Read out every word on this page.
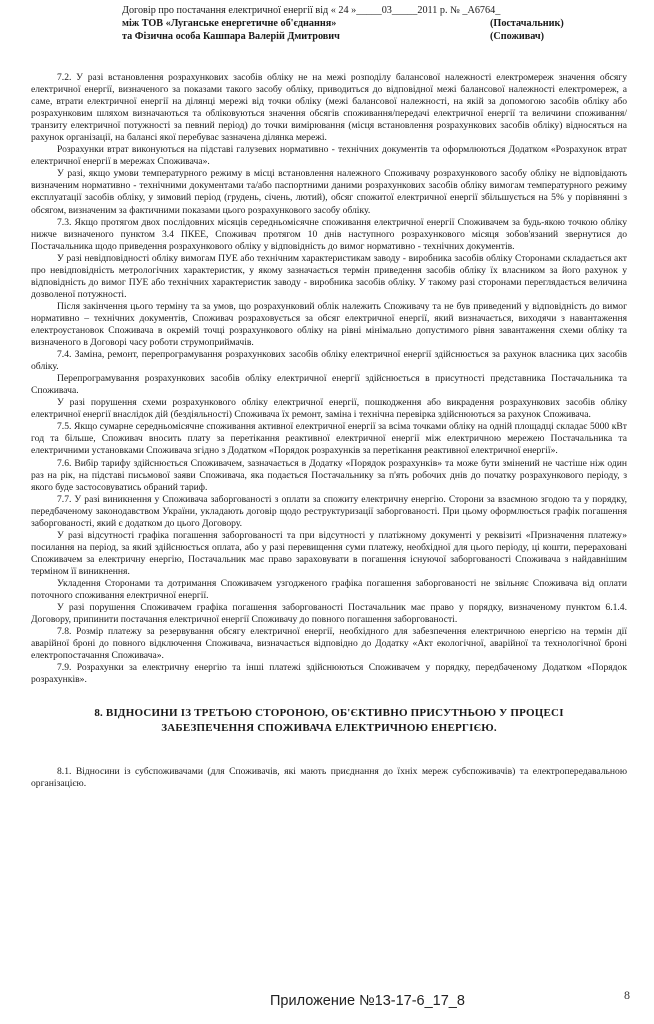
Договір про постачання електричної енергії від « 24 »_____03_____2011 р. № _А6764_
між ТОВ «Луганське енергетичне об'єднання»	(Постачальник)
та Фізична особа Кашпара Валерій Дмитрович	(Споживач)

7.2. У разі встановлення розрахункових засобів обліку не на межі розподілу балансової належності електромереж значення обсягу електричної енергії, визначеного за показами такого засобу обліку, приводиться до відповідної межі балансової належності електромереж, а саме, втрати електричної енергії на ділянці мережі від точки обліку (межі балансової належності, на якій за допомогою засобів обліку або розрахунковим шляхом визначаються та обліковуються значення обсягів споживання/передачі електричної енергії та величини споживання/транзиту електричної потужності за певний період) до точки вимірювання (місця встановлення розрахункових засобів обліку) відносяться на рахунок організації, на балансі якої перебуває зазначена ділянка мережі.

Розрахунки втрат виконуються на підставі галузевих нормативно - технічних документів та оформлюються Додатком «Розрахунок втрат електричної енергії в мережах Споживача».

У разі, якщо умови температурного режиму в місці встановлення належного Споживачу розрахункового засобу обліку не відповідають визначеним нормативно - технічними документами та/або паспортними даними розрахункових засобів обліку вимогам температурного режиму експлуатації засобів обліку, у зимовий період (грудень, січень, лютий), обсяг спожитої електричної енергії збільшується на 5% у порівнянні з обсягом, визначеним за фактичними показами цього розрахункового засобу обліку.

7.3. Якщо протягом двох послідовних місяців середньомісячне споживання електричної енергії Споживачем за будь-якою точкою обліку нижче визначеного пунктом 3.4 ПКЕЕ, Споживач протягом 10 днів наступного розрахункового місяця зобов'язаний звернутися до Постачальника щодо приведення розрахункового обліку у відповідність до вимог нормативно - технічних документів.

У разі невідповідності обліку вимогам ПУЕ або технічним характеристикам заводу - виробника засобів обліку Сторонами складається акт про невідповідність метрологічних характеристик, у якому зазначається термін приведення засобів обліку їх власником за його рахунок у відповідність до вимог ПУЕ або технічних характеристик заводу - виробника засобів обліку. У такому разі сторонами переглядається величина дозволеної потужності.

Після закінчення цього терміну та за умов, що розрахунковий облік належить Споживачу та не був приведений у відповідність до вимог нормативно – технічних документів, Споживач розраховується за обсяг електричної енергії, який визначається, виходячи з навантаження електроустановок Споживача в окремій точці розрахункового обліку на рівні мінімально допустимого рівня завантаження схеми обліку та визначеного в Договорі часу роботи струмоприймачів.

7.4. Заміна, ремонт, перепрограмування розрахункових засобів обліку електричної енергії здійснюється за рахунок власника цих засобів обліку.

Перепрограмування розрахункових засобів обліку електричної енергії здійснюється в присутності представника Постачальника та Споживача.

У разі порушення схеми розрахункового обліку електричної енергії, пошкодження або викрадення розрахункових засобів обліку електричної енергії внаслідок дій (бездіяльності) Споживача їх ремонт, заміна і технічна перевірка здійснюються за рахунок Споживача.

7.5. Якщо сумарне середньомісячне споживання активної електричної енергії за всіма точками обліку на одній площадці складає 5000 кВт год та більше, Споживач вносить плату за перетікання реактивної електричної енергії між електричною мережею Постачальника та електричними установками Споживача згідно з Додатком «Порядок розрахунків за перетікання реактивної електричної енергії».

7.6. Вибір тарифу здійснюється Споживачем, зазначається в Додатку «Порядок розрахунків» та може бути змінений не частіше ніж один раз на рік, на підставі письмової заяви Споживача, яка подається Постачальнику за п'ять робочих днів до початку розрахункового періоду, з якого буде застосовуватись обраний тариф.

7.7. У разі виникнення у Споживача заборгованості з оплати за спожиту електричну енергію. Сторони за взаємною згодою та у порядку, передбаченому законодавством України, укладають договір щодо реструктуризації заборгованості. При цьому оформлюється графік погашення заборгованості, який є додатком до цього Договору.

У разі відсутності графіка погашення заборгованості та при відсутності у платіжному документі у реквізиті «Призначення платежу» посилання на період, за який здійснюється оплата, або у разі перевищення суми платежу, необхідної для цього періоду, ці кошти, перераховані Споживачем за електричну енергію, Постачальник має право зараховувати в погашення існуючої заборгованості Споживача з найдавнішим терміном її виникнення.

Укладення Сторонами та дотримання Споживачем узгодженого графіка погашення заборгованості не звільняє Споживача від оплати поточного споживання електричної енергії.

У разі порушення Споживачем графіка погашення заборгованості Постачальник має право у порядку, визначеному пунктом 6.1.4. Договору, припинити постачання електричної енергії Споживачу до повного погашення заборгованості.

7.8. Розмір платежу за резервування обсягу електричної енергії, необхідного для забезпечення електричною енергією на термін дії аварійної броні до повного відключення Споживача, визначається відповідно до Додатку «Акт екологічної, аварійної та технологічної броні електропостачання Споживача».

7.9. Розрахунки за електричну енергію та інші платежі здійснюються Споживачем у порядку, передбаченому Додатком «Порядок розрахунків».

8. ВІДНОСИНИ ІЗ ТРЕТЬОЮ СТОРОНОЮ, ОБ'ЄКТИВНО ПРИСУТНЬОЮ У ПРОЦЕСІ
ЗАБЕЗПЕЧЕННЯ СПОЖИВАЧА ЕЛЕКТРИЧНОЮ ЕНЕРГІЄЮ.

8.1. Відносини із субспоживачами (для Споживачів, які мають приєднання до їхніх мереж субспоживачів) та електропередавальною організацією.

Приложение №13-17-6_17_8	8
